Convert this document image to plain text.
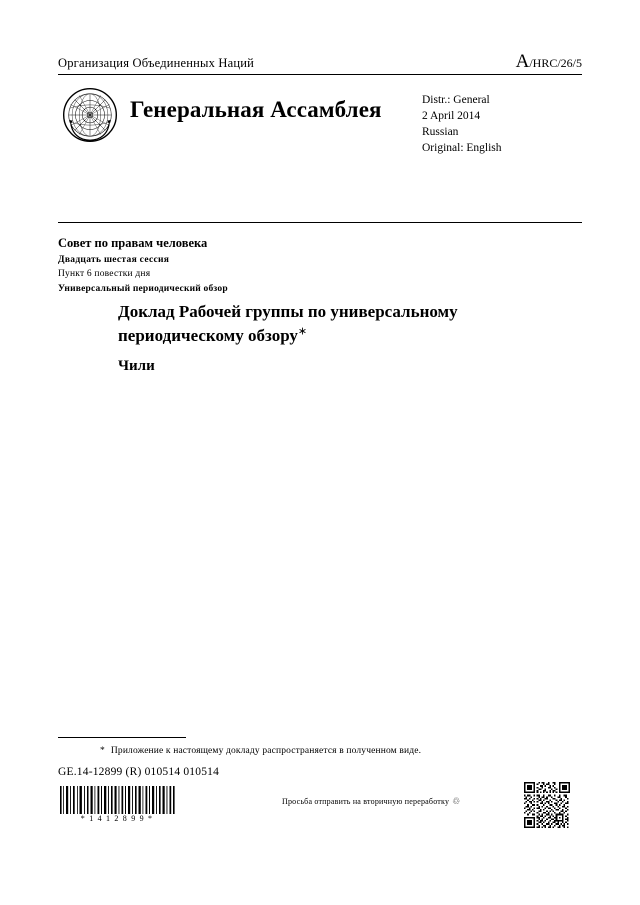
Организация Объединенных Наций	A/HRC/26/5
Генеральная Ассамблея	Distr.: General
2 April 2014
Russian
Original: English
Совет по правам человека
Двадцать шестая сессия
Пункт 6 повестки дня
Универсальный периодический обзор
Доклад Рабочей группы по универсальному периодическому обзору∗
Чили
* Приложение к настоящему докладу распространяется в полученном виде.
GE.14-12899 (R) 010514 010514
Просьба отправить на вторичную переработку ♲
* 1 4 1 2 8 9 9 *
